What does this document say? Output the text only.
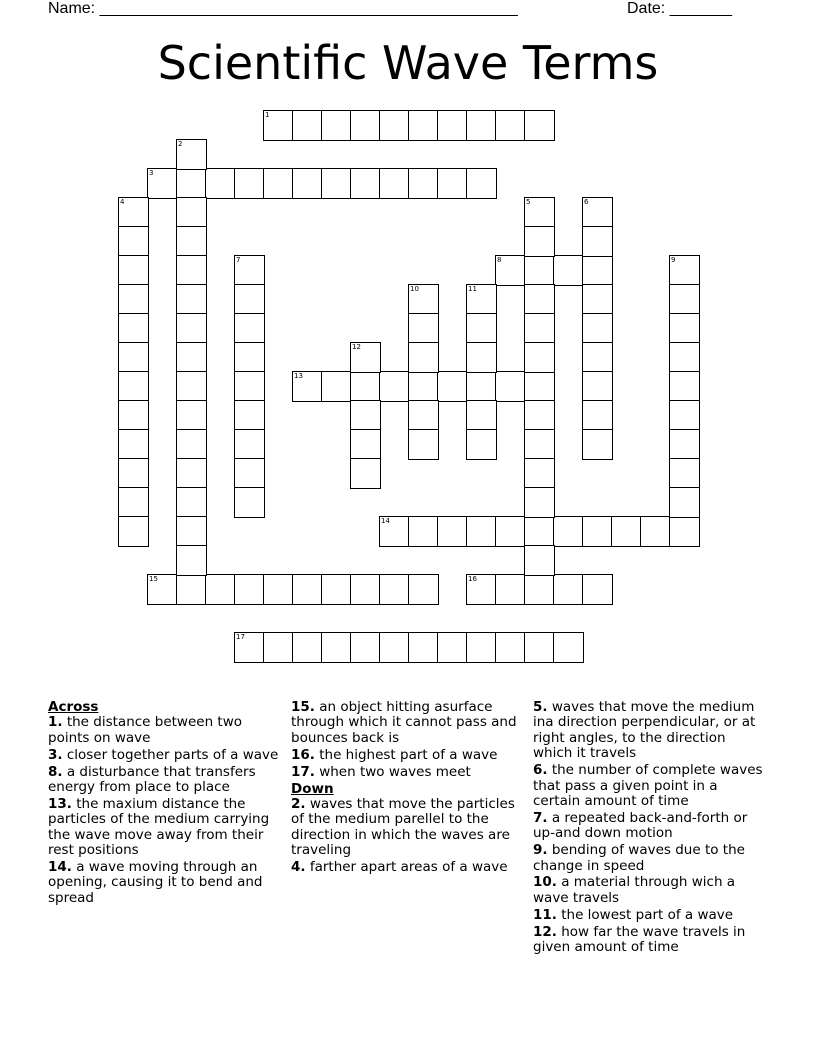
Name: _______________________________________________	Date: _______
Scientific Wave Terms
1
3
8
13
14
15	16
17
2
4	5	6
7	9
10	11
12
Across
1. the distance between two points on wave
3. closer together parts of a wave
8. a disturbance that transfers energy from place to place
13. the maxium distance the particles of the medium carrying the wave move away from their rest positions
14. a wave moving through an opening, causing it to bend and spread
15. an object hitting asurface through which it cannot pass and bounces back is
16. the highest part of a wave
17. when two waves meet
Down
2. waves that move the particles of the medium parellel to the direction in which the waves are traveling
4. farther apart areas of a wave
5. waves that move the medium ina direction perpendicular, or at right angles, to the direction which it travels
6. the number of complete waves that pass a given point in a certain amount of time
7. a repeated back-and-forth or up-and down motion
9. bending of waves due to the change in speed
10. a material through wich a wave travels
11. the lowest part of a wave
12. how far the wave travels in given amount of time
